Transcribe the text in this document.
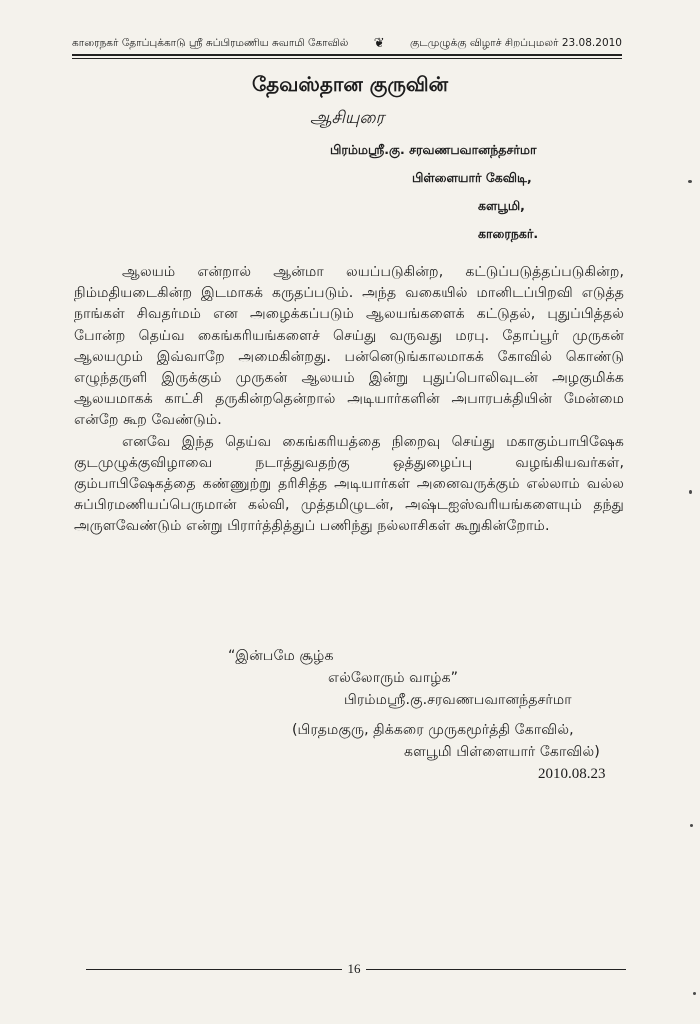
காரைநகர் தோப்புக்காடு ஸ்ரீ சுப்பிரமணிய சுவாமி கோவில் ❦ குடமுழுக்கு விழாச் சிறப்புமலர் 23.08.2010
தேவஸ்தான குருவின்
ஆசியுரை
பிரம்மஸ்ரீ.கு. சரவணபவானந்தசர்மா
பிள்ளையார் கேவிடி,
களபூமி,
காரைநகர்.

ஆலயம் என்றால் ஆன்மா லயப்படுகின்ற, கட்டுப்படுத்தப்படுகின்ற, நிம்மதியடைகின்ற இடமாகக் கருதப்படும். அந்த வகையில் மானிடப்பிறவி எடுத்த நாங்கள் சிவதர்மம் என அழைக்கப்படும் ஆலயங்களைக் கட்டுதல், புதுப்பித்தல் போன்ற தெய்வ கைங்கரியங்களைச் செய்து வருவது மரபு. தோப்பூர் முருகன் ஆலயமும் இவ்வாறே அமைகின்றது. பன்னெடுங்காலமாகக் கோவில் கொண்டு எழுந்தருளி இருக்கும் முருகன் ஆலயம் இன்று புதுப்பொலிவுடன் அழகுமிக்க ஆலயமாகக் காட்சி தருகின்றதென்றால் அடியார்களின் அபாரபக்தியின் மேன்மை என்றே கூற வேண்டும்.

எனவே இந்த தெய்வ கைங்கரியத்தை நிறைவு செய்து மகாகும்பாபிஷேக குடமுழுக்குவிழாவை நடாத்துவதற்கு ஒத்துழைப்பு வழங்கியவர்கள், கும்பாபிஷேகத்தை கண்ணுற்று தரிசித்த அடியார்கள் அனைவருக்கும் எல்லாம் வல்ல சுப்பிரமணியப்பெருமான் கல்வி, முத்தமிழுடன், அஷ்டஐஸ்வரியங்களையும் தந்து அருளவேண்டும் என்று பிரார்த்தித்துப் பணிந்து நல்லாசிகள் கூறுகின்றோம்.

“இன்பமே சூழ்க
எல்லோரும் வாழ்க”
பிரம்மஸ்ரீ.கு.சரவணபவானந்தசர்மா
(பிரதமகுரு, திக்கரை முருகமூர்த்தி கோவில்,
களபூமி பிள்ளையார் கோவில்)
2010.08.23
16
